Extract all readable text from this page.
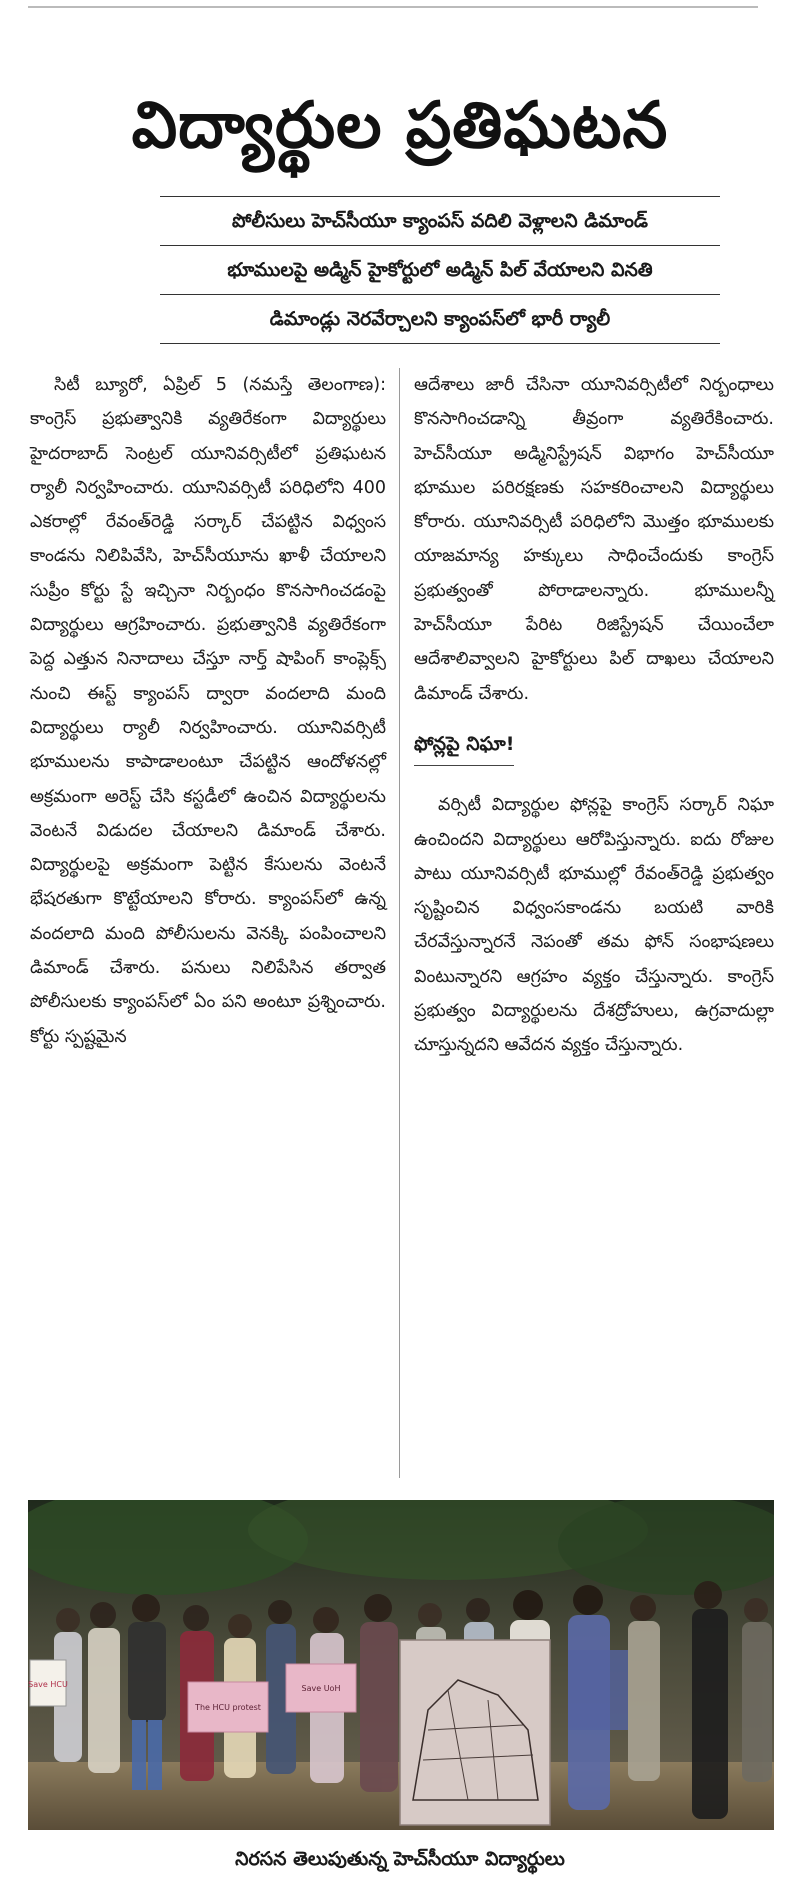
విద్యార్థుల ప్రతిఘటన
పోలీసులు హెచ్‌సీయూ క్యాంపస్ వదిలి వెళ్లాలని డిమాండ్
భూములపై అడ్మిన్ హైకోర్టులో అడ్మిన్ పిల్ వేయాలని వినతి
డిమాండ్లు నెరవేర్చాలని క్యాంపస్‌లో భారీ ర్యాలీ

సిటీ బ్యూరో, ఏప్రిల్ 5 (నమస్తే తెలంగాణ): కాంగ్రెస్ ప్రభుత్వానికి వ్యతిరేకంగా విద్యార్థులు హైదరాబాద్ సెంట్రల్ యూనివర్సిటీలో ప్రతిఘటన ర్యాలీ నిర్వహించారు. యూనివర్సిటీ పరిధిలోని 400 ఎకరాల్లో రేవంత్‌రెడ్డి సర్కార్ చేపట్టిన విధ్వంస కాండను నిలిపివేసి, హెచ్‌సీయూను ఖాళీ చేయాలని సుప్రీం కోర్టు స్టే ఇచ్చినా నిర్బంధం కొనసాగించడంపై విద్యార్థులు ఆగ్రహించారు. ప్రభుత్వానికి వ్యతిరేకంగా పెద్ద ఎత్తున నినాదాలు చేస్తూ నార్త్ షాపింగ్ కాంప్లెక్స్ నుంచి ఈస్ట్ క్యాంపస్ ద్వారా వందలాది మంది విద్యార్థులు ర్యాలీ నిర్వహించారు. యూనివర్సిటీ భూములను కాపాడాలంటూ చేపట్టిన ఆందోళనల్లో అక్రమంగా అరెస్ట్ చేసి కస్టడీలో ఉంచిన విద్యార్థులను వెంటనే విడుదల చేయాలని డిమాండ్ చేశారు. విద్యార్థులపై అక్రమంగా పెట్టిన కేసులను వెంటనే భేషరతుగా కొట్టేయాలని కోరారు. క్యాంపస్‌లో ఉన్న వందలాది మంది పోలీసులను వెనక్కి పంపించాలని డిమాండ్ చేశారు. పనులు నిలిపేసిన తర్వాత పోలీసులకు క్యాంపస్‌లో ఏం పని అంటూ ప్రశ్నించారు. కోర్టు స్పష్టమైన

ఆదేశాలు జారీ చేసినా యూనివర్సిటీలో నిర్బంధాలు కొనసాగించడాన్ని తీవ్రంగా వ్యతిరేకించారు. హెచ్‌సీయూ అడ్మినిస్ట్రేషన్ విభాగం హెచ్‌సీయూ భూముల పరిరక్షణకు సహకరించాలని విద్యార్థులు కోరారు. యూనివర్సిటీ పరిధిలోని మొత్తం భూములకు యాజమాన్య హక్కులు సాధించేందుకు కాంగ్రెస్ ప్రభుత్వంతో పోరాడాలన్నారు. భూములన్నీ హెచ్‌సీయూ పేరిట రిజిస్ట్రేషన్ చేయించేలా ఆదేశాలివ్వాలని హైకోర్టులు పిల్ దాఖలు చేయాలని డిమాండ్ చేశారు.

ఫోన్లపై నిఘా!

వర్సిటీ విద్యార్థుల ఫోన్లపై కాంగ్రెస్ సర్కార్ నిఘా ఉంచిందని విద్యార్థులు ఆరోపిస్తున్నారు. ఐదు రోజుల పాటు యూనివర్సిటీ భూముల్లో రేవంత్‌రెడ్డి ప్రభుత్వం సృష్టించిన విధ్వంసకాండను బయటి వారికి చేరవేస్తున్నారనే నెపంతో తమ ఫోన్ సంభాషణలు వింటున్నారని ఆగ్రహం వ్యక్తం చేస్తున్నారు. కాంగ్రెస్ ప్రభుత్వం విద్యార్థులను దేశద్రోహులు, ఉగ్రవాదుల్లా చూస్తున్నదని ఆవేదన వ్యక్తం చేస్తున్నారు.

Save HCU
The HCU protest
Save UoH
నిరసన తెలుపుతున్న హెచ్‌సీయూ విద్యార్థులు
